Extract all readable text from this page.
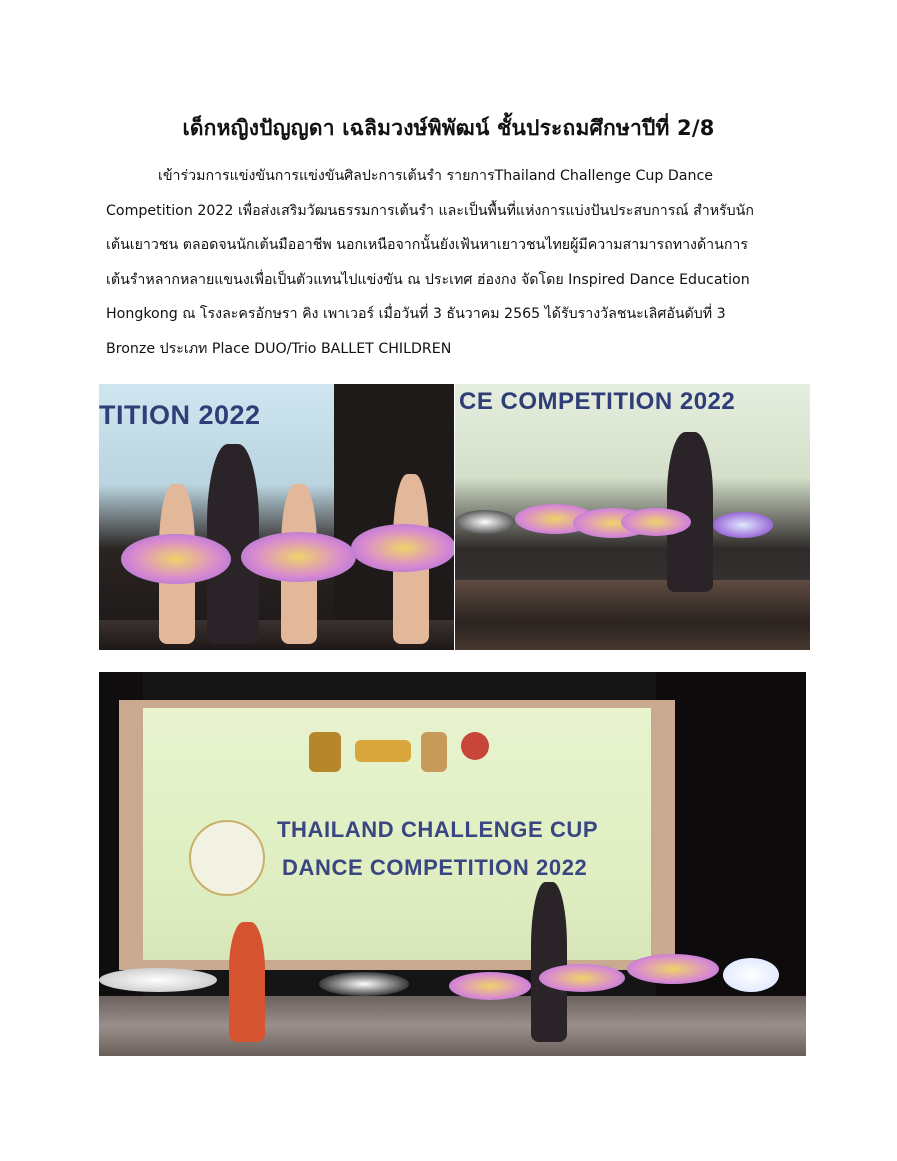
เด็กหญิงปัญญดา เฉลิมวงษ์พิพัฒน์ ชั้นประถมศึกษาปีที่ 2/8
เข้าร่วมการแข่งขันการแข่งขันศิลปะการเต้นรำ รายการThailand Challenge Cup Dance
Competition 2022 เพื่อส่งเสริมวัฒนธรรมการเต้นรำ และเป็นพื้นที่แห่งการแบ่งปันประสบการณ์ สำหรับนัก
เต้นเยาวชน ตลอดจนนักเต้นมืออาชีพ นอกเหนือจากนั้นยังเฟ้นหาเยาวชนไทยผู้มีความสามารถทางด้านการ
เต้นรำหลากหลายแขนงเพื่อเป็นตัวแทนไปแข่งขัน ณ ประเทศ ฮ่องกง จัดโดย Inspired Dance Education
Hongkong ณ โรงละครอักษรา คิง เพาเวอร์ เมื่อวันที่ 3 ธันวาคม 2565 ได้รับรางวัลชนะเลิศอันดับที่ 3
Bronze ประเภท Place DUO/Trio BALLET CHILDREN
TITION 2022	CE COMPETITION 2022
THAILAND CHALLENGE CUP
DANCE COMPETITION 2022
